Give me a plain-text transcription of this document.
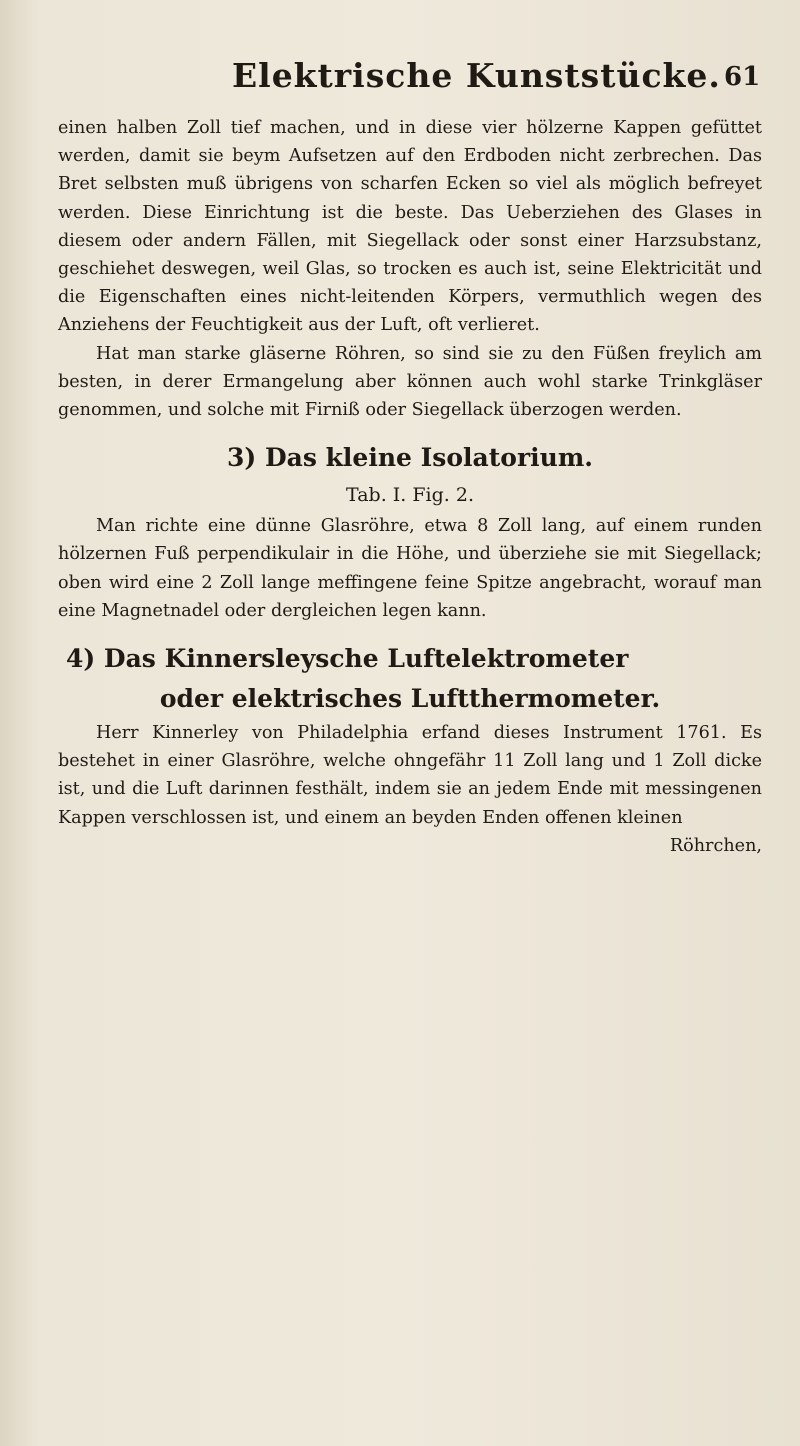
Elektrische Kunststücke. 61

einen halben Zoll tief machen, und in diese vier hölzerne Kappen gefüttet werden, damit sie beym Aufsetzen auf den Erdboden nicht zerbrechen. Das Bret selbsten muß übrigens von scharfen Ecken so viel als möglich befreyet werden. Diese Einrichtung ist die beste. Das Ueberziehen des Glases in diesem oder andern Fällen, mit Siegellack oder sonst einer Harzsubstanz, geschiehet deswegen, weil Glas, so trocken es auch ist, seine Elektricität und die Eigenschaften eines nicht-leitenden Körpers, vermuthlich wegen des Anziehens der Feuchtigkeit aus der Luft, oft verlieret.

Hat man starke gläserne Röhren, so sind sie zu den Füßen freylich am besten, in derer Ermangelung aber können auch wohl starke Trinkgläser genommen, und solche mit Firniß oder Siegellack überzogen werden.

3) Das kleine Isolatorium.

Tab. I. Fig. 2.

Man richte eine dünne Glasröhre, etwa 8 Zoll lang, auf einem runden hölzernen Fuß perpendikulair in die Höhe, und überziehe sie mit Siegellack; oben wird eine 2 Zoll lange meffingene feine Spitze angebracht, worauf man eine Magnetnadel oder dergleichen legen kann.

4) Das Kinnersleysche Luftelektrometer

oder elektrisches Luftthermometer.

Herr Kinnerley von Philadelphia erfand dieses Instrument 1761. Es bestehet in einer Glasröhre, welche ohngefähr 11 Zoll lang und 1 Zoll dicke ist, und die Luft darinnen festhält, indem sie an jedem Ende mit messingenen Kappen verschlossen ist, und einem an beyden Enden offenen kleinen

Röhrchen,
